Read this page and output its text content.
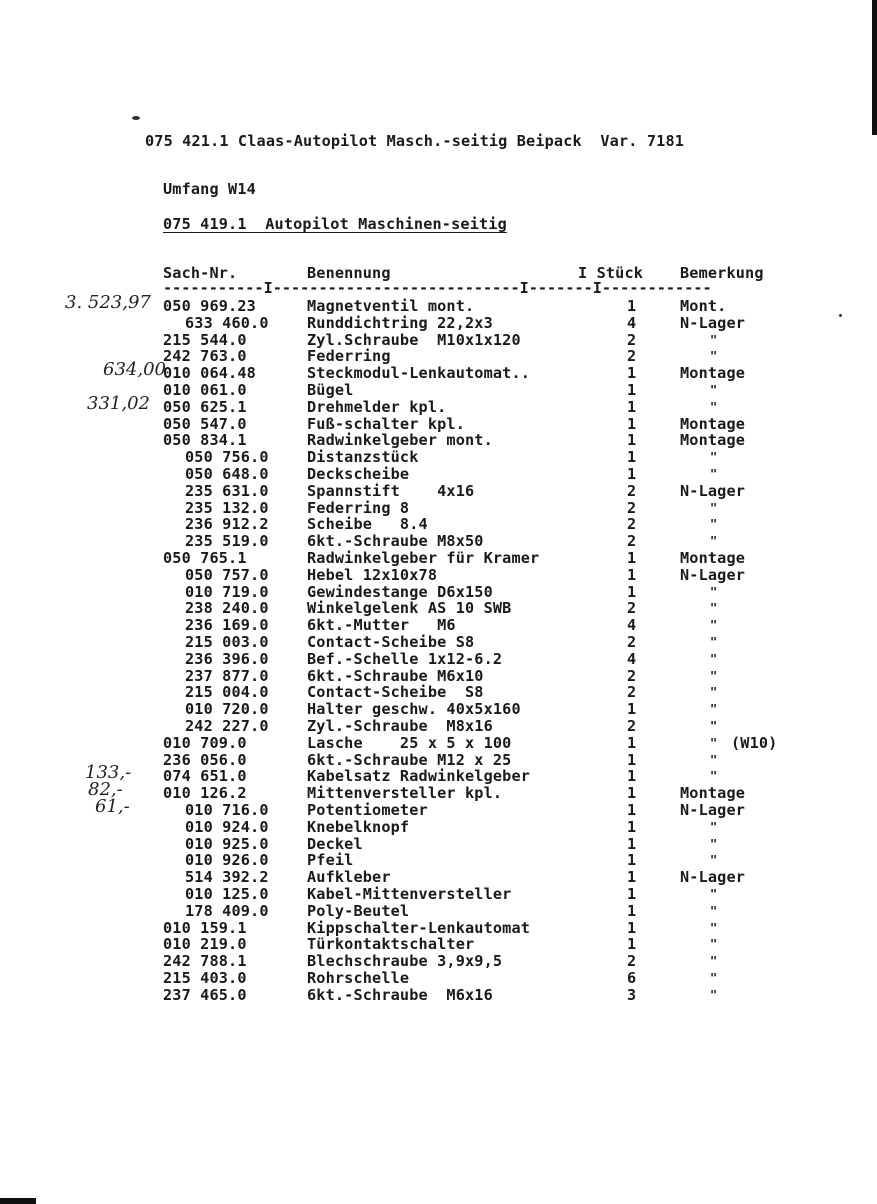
075 421.1 Claas-Autopilot Masch.-seitig Beipack  Var. 7181
Umfang W14
075 419.1  Autopilot Maschinen-seitig
Sach-Nr.	Benennung	I Stück Bemerkung
-----------I---------------------------I-------I------------
050 969.23	Magnetventil mont.	1	Mont.
633 460.0	Runddichtring 22,2x3	4	N-Lager
215 544.0	Zyl.Schraube  M10x1x120	2	"
242 763.0	Federring	2	"
010 064.48	Steckmodul-Lenkautomat..	1	Montage
010 061.0	Bügel	1	"
050 625.1	Drehmelder kpl.	1	"
050 547.0	Fuß-schalter kpl.	1	Montage
050 834.1	Radwinkelgeber mont.	1	Montage
050 756.0	Distanzstück	1	"
050 648.0	Deckscheibe	1	"
235 631.0	Spannstift    4x16	2	N-Lager
235 132.0	Federring 8	2	"
236 912.2	Scheibe   8.4	2	"
235 519.0	6kt.-Schraube M8x50	2	"
050 765.1	Radwinkelgeber für Kramer	1	Montage
050 757.0	Hebel 12x10x78	1	N-Lager
010 719.0	Gewindestange D6x150	1	"
238 240.0	Winkelgelenk AS 10 SWB	2	"
236 169.0	6kt.-Mutter   M6	4	"
215 003.0	Contact-Scheibe S8	2	"
236 396.0	Bef.-Schelle 1x12-6.2	4	"
237 877.0	6kt.-Schraube M6x10	2	"
215 004.0	Contact-Scheibe  S8	2	"
010 720.0	Halter geschw. 40x5x160	1	"
242 227.0	Zyl.-Schraube  M8x16	2	"
010 709.0	Lasche    25 x 5 x 100	1	" (W10)
236 056.0	6kt.-Schraube M12 x 25	1	"
074 651.0	Kabelsatz Radwinkelgeber	1	"
010 126.2	Mittenversteller kpl.	1	Montage
010 716.0	Potentiometer	1	N-Lager
010 924.0	Knebelknopf	1	"
010 925.0	Deckel	1	"
010 926.0	Pfeil	1	"
514 392.2	Aufkleber	1	N-Lager
010 125.0	Kabel-Mittenversteller	1	"
178 409.0	Poly-Beutel	1	"
010 159.1	Kippschalter-Lenkautomat	1	"
010 219.0	Türkontaktschalter	1	"
242 788.1	Blechschraube 3,9x9,5	2	"
215 403.0	Rohrschelle	6	"
237 465.0	6kt.-Schraube  M6x16	3	"
3. 523,97
634,00
331,02
133,-
82,-
61,-
